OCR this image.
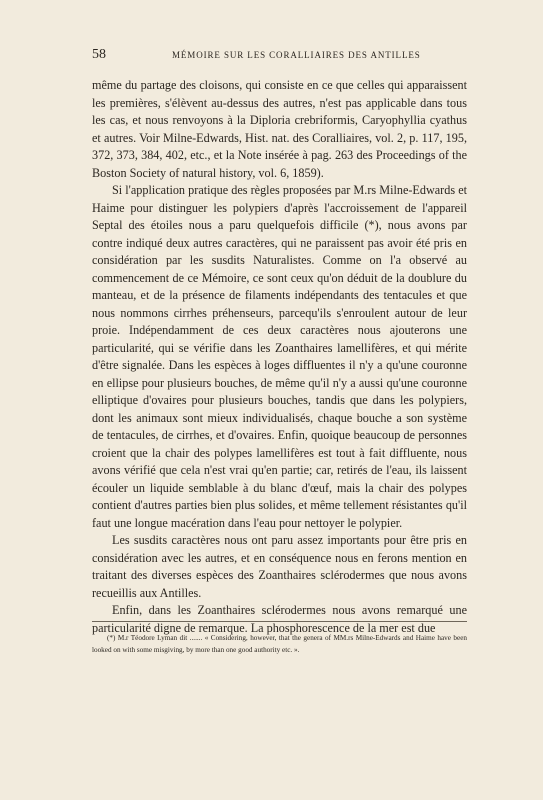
58	MÉMOIRE SUR LES CORALLIAIRES DES ANTILLES

même du partage des cloisons, qui consiste en ce que celles qui apparaissent les premières, s'élèvent au-dessus des autres, n'est pas applicable dans tous les cas, et nous renvoyons à la Diploria crebriformis, Caryophyllia cyathus et autres. Voir Milne-Edwards, Hist. nat. des Coralliaires, vol. 2, p. 117, 195, 372, 373, 384, 402, etc., et la Note insérée à pag. 263 des Proceedings of the Boston Society of natural history, vol. 6, 1859).

Si l'application pratique des règles proposées par M.rs Milne-Edwards et Haime pour distinguer les polypiers d'après l'accroissement de l'appareil Septal des étoiles nous a paru quelquefois difficile (*), nous avons par contre indiqué deux autres caractères, qui ne paraissent pas avoir été pris en considération par les susdits Naturalistes. Comme on l'a observé au commencement de ce Mémoire, ce sont ceux qu'on déduit de la doublure du manteau, et de la présence de filaments indépendants des tentacules et que nous nommons cirrhes préhenseurs, parcequ'ils s'enroulent autour de leur proie. Indépendamment de ces deux caractères nous ajouterons une particularité, qui se vérifie dans les Zoanthaires lamellifères, et qui mérite d'être signalée. Dans les espèces à loges diffluentes il n'y a qu'une couronne en ellipse pour plusieurs bouches, de même qu'il n'y a aussi qu'une couronne elliptique d'ovaires pour plusieurs bouches, tandis que dans les polypiers, dont les animaux sont mieux individualisés, chaque bouche a son système de tentacules, de cirrhes, et d'ovaires. Enfin, quoique beaucoup de personnes croient que la chair des polypes lamellifères est tout à fait diffluente, nous avons vérifié que cela n'est vrai qu'en partie; car, retirés de l'eau, ils laissent écouler un liquide semblable à du blanc d'œuf, mais la chair des polypes contient d'autres parties bien plus solides, et même tellement résistantes qu'il faut une longue macération dans l'eau pour nettoyer le polypier.

Les susdits caractères nous ont paru assez importants pour être pris en considération avec les autres, et en conséquence nous en ferons mention en traitant des diverses espèces des Zoanthaires sclérodermes que nous avons recueillis aux Antilles.

Enfin, dans les Zoanthaires sclérodermes nous avons remarqué une particularité digne de remarque. La phosphorescence de la mer est due

(*) M.r Téodore Lyman dit ....... « Considering, however, that the genera of MM.rs Milne-Edwards and Haime have been looked on with some misgiving, by more than one good authority etc. ».
